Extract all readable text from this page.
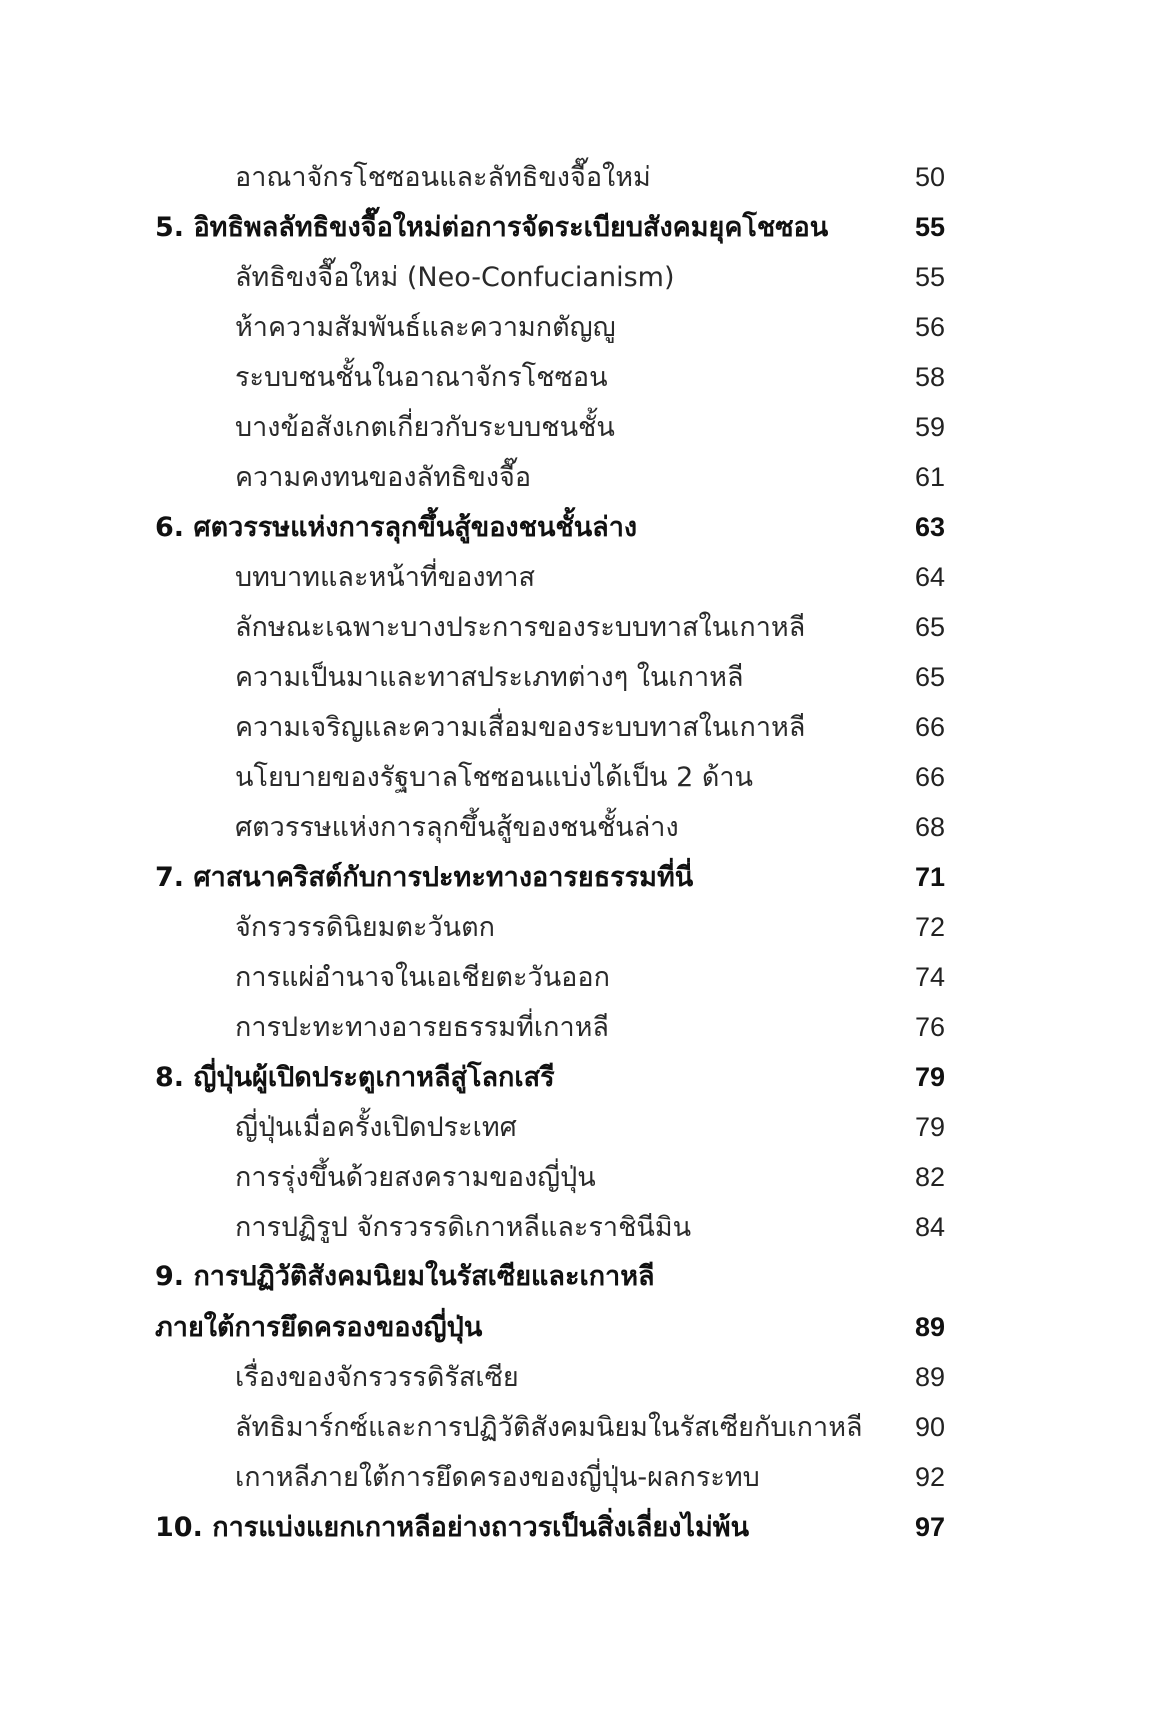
อาณาจักรโชซอนและลัทธิขงจื๊อใหม่	50
5. อิทธิพลลัทธิขงจื๊อใหม่ต่อการจัดระเบียบสังคมยุคโชซอน	55
ลัทธิขงจื๊อใหม่ (Neo-Confucianism)	55
ห้าความสัมพันธ์และความกตัญญู	56
ระบบชนชั้นในอาณาจักรโชซอน	58
บางข้อสังเกตเกี่ยวกับระบบชนชั้น	59
ความคงทนของลัทธิขงจื๊อ	61
6. ศตวรรษแห่งการลุกขึ้นสู้ของชนชั้นล่าง	63
บทบาทและหน้าที่ของทาส	64
ลักษณะเฉพาะบางประการของระบบทาสในเกาหลี	65
ความเป็นมาและทาสประเภทต่างๆ ในเกาหลี	65
ความเจริญและความเสื่อมของระบบทาสในเกาหลี	66
นโยบายของรัฐบาลโชซอนแบ่งได้เป็น 2 ด้าน	66
ศตวรรษแห่งการลุกขึ้นสู้ของชนชั้นล่าง	68
7. ศาสนาคริสต์กับการปะทะทางอารยธรรมที่นี่	71
จักรวรรดินิยมตะวันตก	72
การแผ่อำนาจในเอเชียตะวันออก	74
การปะทะทางอารยธรรมที่เกาหลี	76
8. ญี่ปุ่นผู้เปิดประตูเกาหลีสู่โลกเสรี	79
ญี่ปุ่นเมื่อครั้งเปิดประเทศ	79
การรุ่งขึ้นด้วยสงครามของญี่ปุ่น	82
การปฏิรูป จักรวรรดิเกาหลีและราชินีมิน	84
9. การปฏิวัติสังคมนิยมในรัสเซียและเกาหลี
ภายใต้การยึดครองของญี่ปุ่น	89
เรื่องของจักรวรรดิรัสเซีย	89
ลัทธิมาร์กซ์และการปฏิวัติสังคมนิยมในรัสเซียกับเกาหลี	90
เกาหลีภายใต้การยึดครองของญี่ปุ่น-ผลกระทบ	92
10. การแบ่งแยกเกาหลีอย่างถาวรเป็นสิ่งเลี่ยงไม่พ้น	97
